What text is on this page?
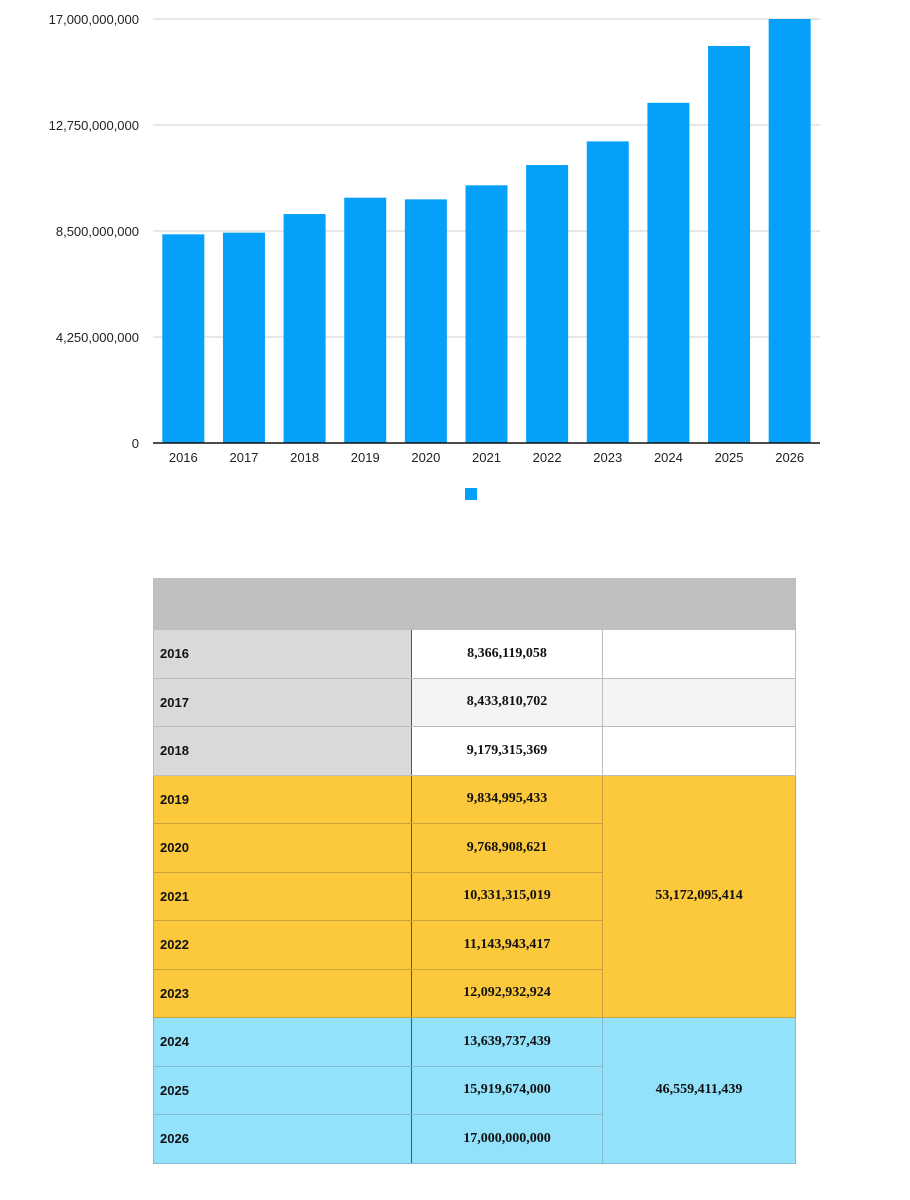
0
4,250,000,000
8,500,000,000
12,750,000,000
17,000,000,000
2016 2017 2018 2019 2020 2021 2022 2023 2024 2025 2026

2016	8,366,119,058	
2017	8,433,810,702	
2018	9,179,315,369	
2019	9,834,995,433	53,172,095,414
2020	9,768,908,621	
2021	10,331,315,019	
2022	11,143,943,417	
2023	12,092,932,924	
2024	13,639,737,439	46,559,411,439
2025	15,919,674,000	
2026	17,000,000,000	
